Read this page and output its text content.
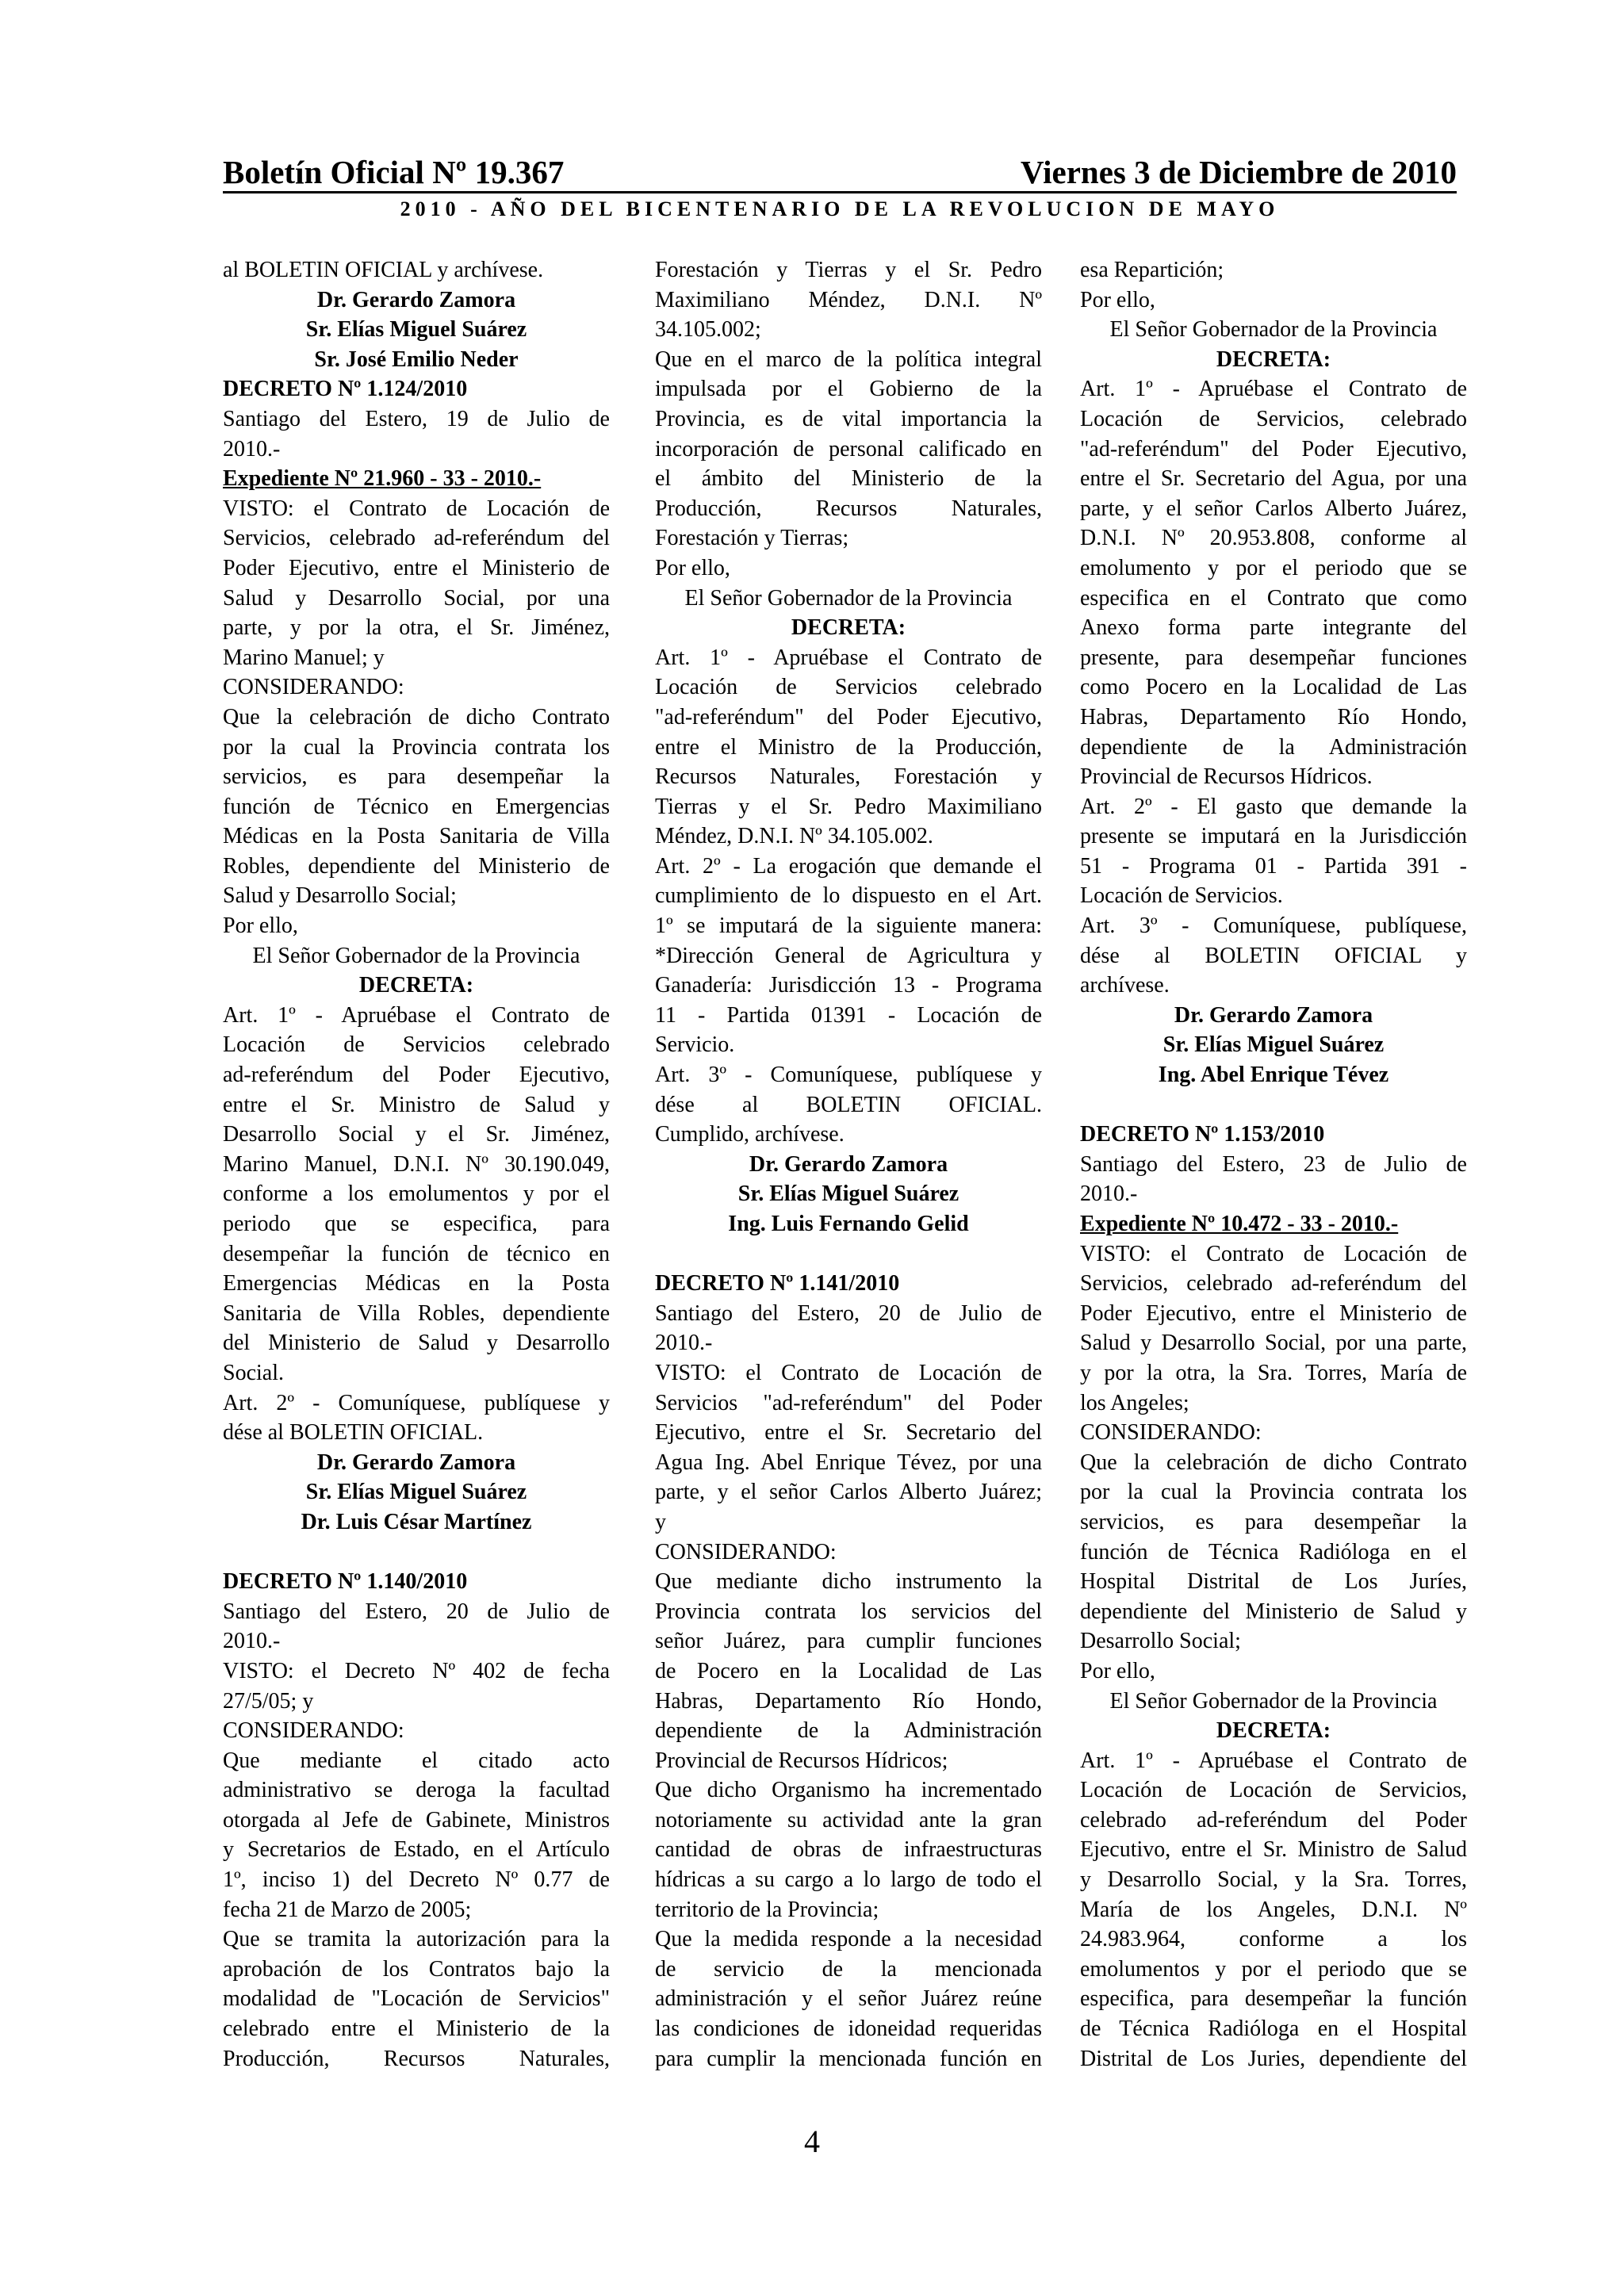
Boletín Oficial Nº 19.367	Viernes 3 de Diciembre de 2010
2010 - AÑO DEL BICENTENARIO DE LA REVOLUCION DE MAYO
al BOLETIN OFICIAL y archívese.
Dr. Gerardo Zamora
Sr. Elías Miguel Suárez
Sr. José Emilio Neder
DECRETO Nº 1.124/2010
Santiago del Estero, 19 de Julio de
2010.-
Expediente Nº 21.960 - 33 - 2010.-
VISTO: el Contrato de Locación de
Servicios, celebrado ad-referéndum del
Poder Ejecutivo, entre el Ministerio de
Salud y Desarrollo Social, por una
parte, y por la otra, el Sr. Jiménez,
Marino Manuel; y
CONSIDERANDO:
Que la celebración de dicho Contrato
por la cual la Provincia contrata los
servicios, es para desempeñar la
función de Técnico en Emergencias
Médicas en la Posta Sanitaria de Villa
Robles, dependiente del Ministerio de
Salud y Desarrollo Social;
Por ello,
El Señor Gobernador de la Provincia
DECRETA:
Art. 1º - Apruébase el Contrato de
Locación de Servicios celebrado
ad-referéndum del Poder Ejecutivo,
entre el Sr. Ministro de Salud y
Desarrollo Social y el Sr. Jiménez,
Marino Manuel, D.N.I. Nº 30.190.049,
conforme a los emolumentos y por el
periodo que se especifica, para
desempeñar la función de técnico en
Emergencias Médicas en la Posta
Sanitaria de Villa Robles, dependiente
del Ministerio de Salud y Desarrollo
Social.
Art. 2º - Comuníquese, publíquese y
dése al BOLETIN OFICIAL.
Dr. Gerardo Zamora
Sr. Elías Miguel Suárez
Dr. Luis César Martínez
DECRETO Nº 1.140/2010
Santiago del Estero, 20 de Julio de
2010.-
VISTO: el Decreto Nº 402 de fecha
27/5/05; y
CONSIDERANDO:
Que mediante el citado acto
administrativo se deroga la facultad
otorgada al Jefe de Gabinete, Ministros
y Secretarios de Estado, en el Artículo
1º, inciso 1) del Decreto Nº 0.77 de
fecha 21 de Marzo de 2005;
Que se tramita la autorización para la
aprobación de los Contratos bajo la
modalidad de "Locación de Servicios"
celebrado entre el Ministerio de la
Producción, Recursos Naturales,
Forestación y Tierras y el Sr. Pedro
Maximiliano Méndez, D.N.I. Nº
34.105.002;
Que en el marco de la política integral
impulsada por el Gobierno de la
Provincia, es de vital importancia la
incorporación de personal calificado en
el ámbito del Ministerio de la
Producción, Recursos Naturales,
Forestación y Tierras;
Por ello,
El Señor Gobernador de la Provincia
DECRETA:
Art. 1º - Apruébase el Contrato de
Locación de Servicios celebrado
"ad-referéndum" del Poder Ejecutivo,
entre el Ministro de la Producción,
Recursos Naturales, Forestación y
Tierras y el Sr. Pedro Maximiliano
Méndez, D.N.I. Nº 34.105.002.
Art. 2º - La erogación que demande el
cumplimiento de lo dispuesto en el Art.
1º se imputará de la siguiente manera:
*Dirección General de Agricultura y
Ganadería: Jurisdicción 13 - Programa
11 - Partida 01391 - Locación de
Servicio.
Art. 3º - Comuníquese, publíquese y
dése al BOLETIN OFICIAL.
Cumplido, archívese.
Dr. Gerardo Zamora
Sr. Elías Miguel Suárez
Ing. Luis Fernando Gelid
DECRETO Nº 1.141/2010
Santiago del Estero, 20 de Julio de
2010.-
VISTO: el Contrato de Locación de
Servicios "ad-referéndum" del Poder
Ejecutivo, entre el Sr. Secretario del
Agua Ing. Abel Enrique Tévez, por una
parte, y el señor Carlos Alberto Juárez;
y
CONSIDERANDO:
Que mediante dicho instrumento la
Provincia contrata los servicios del
señor Juárez, para cumplir funciones
de Pocero en la Localidad de Las
Habras, Departamento Río Hondo,
dependiente de la Administración
Provincial de Recursos Hídricos;
Que dicho Organismo ha incrementado
notoriamente su actividad ante la gran
cantidad de obras de infraestructuras
hídricas a su cargo a lo largo de todo el
territorio de la Provincia;
Que la medida responde a la necesidad
de servicio de la mencionada
administración y el señor Juárez reúne
las condiciones de idoneidad requeridas
para cumplir la mencionada función en
esa Repartición;
Por ello,
El Señor Gobernador de la Provincia
DECRETA:
Art. 1º - Apruébase el Contrato de
Locación de Servicios, celebrado
"ad-referéndum" del Poder Ejecutivo,
entre el Sr. Secretario del Agua, por una
parte, y el señor Carlos Alberto Juárez,
D.N.I. Nº 20.953.808, conforme al
emolumento y por el periodo que se
especifica en el Contrato que como
Anexo forma parte integrante del
presente, para desempeñar funciones
como Pocero en la Localidad de Las
Habras, Departamento Río Hondo,
dependiente de la Administración
Provincial de Recursos Hídricos.
Art. 2º - El gasto que demande la
presente se imputará en la Jurisdicción
51 - Programa 01 - Partida 391 -
Locación de Servicios.
Art. 3º - Comuníquese, publíquese,
dése al BOLETIN OFICIAL y
archívese.
Dr. Gerardo Zamora
Sr. Elías Miguel Suárez
Ing. Abel Enrique Tévez
DECRETO Nº 1.153/2010
Santiago del Estero, 23 de Julio de
2010.-
Expediente Nº 10.472 - 33 - 2010.-
VISTO: el Contrato de Locación de
Servicios, celebrado ad-referéndum del
Poder Ejecutivo, entre el Ministerio de
Salud y Desarrollo Social, por una parte,
y por la otra, la Sra. Torres, María de
los Angeles;
CONSIDERANDO:
Que la celebración de dicho Contrato
por la cual la Provincia contrata los
servicios, es para desempeñar la
función de Técnica Radióloga en el
Hospital Distrital de Los Juríes,
dependiente del Ministerio de Salud y
Desarrollo Social;
Por ello,
El Señor Gobernador de la Provincia
DECRETA:
Art. 1º - Apruébase el Contrato de
Locación de Locación de Servicios,
celebrado ad-referéndum del Poder
Ejecutivo, entre el Sr. Ministro de Salud
y Desarrollo Social, y la Sra. Torres,
María de los Angeles, D.N.I. Nº
24.983.964, conforme a los
emolumentos y por el periodo que se
especifica, para desempeñar la función
de Técnica Radióloga en el Hospital
Distrital de Los Juries, dependiente del
4
